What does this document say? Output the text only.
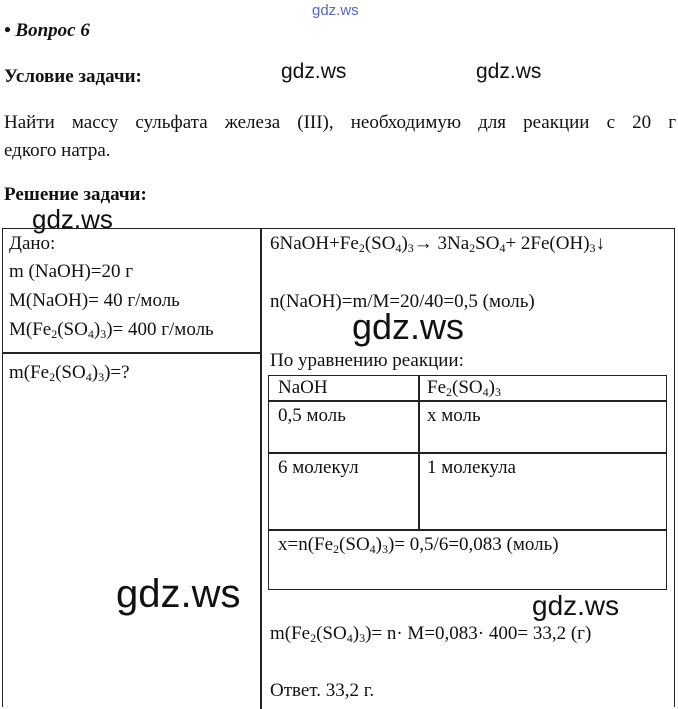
gdz.ws
• Вопрос 6
Условие задачи:	gdz.ws	gdz.ws
Найти массу сульфата железа (III), необходимую для реакции с 20 г
едкого натра.
Решение задачи:
gdz.ws
Дано:
m (NaOH)=20 г
M(NaOH)= 40 г/моль
$M(Fe_2(SO_4)_3)= 400$ г/моль
$m(Fe_2(SO_4)_3)=$?
$6NaOH+Fe_2(SO_4)_3\to 3Na_2SO_4+$ $2Fe(OH)_3↓$
n(NaOH)=m/M=20/40=0,5 (моль)
gdz.ws
По уравнению реакции:
NaOH	$Fe_2(SO_4)_3$
0,5 моль	x моль
6 молекул	1 молекула
$x=n(Fe_2(SO_4)_3)= 0,5/6=0,083$ (моль)
gdz.ws	gdz.ws
$m(Fe_2(SO_4)_3)= n\cdot M=0,083\cdot 400= 33,2$ (г)
Ответ. 33,2 г.
